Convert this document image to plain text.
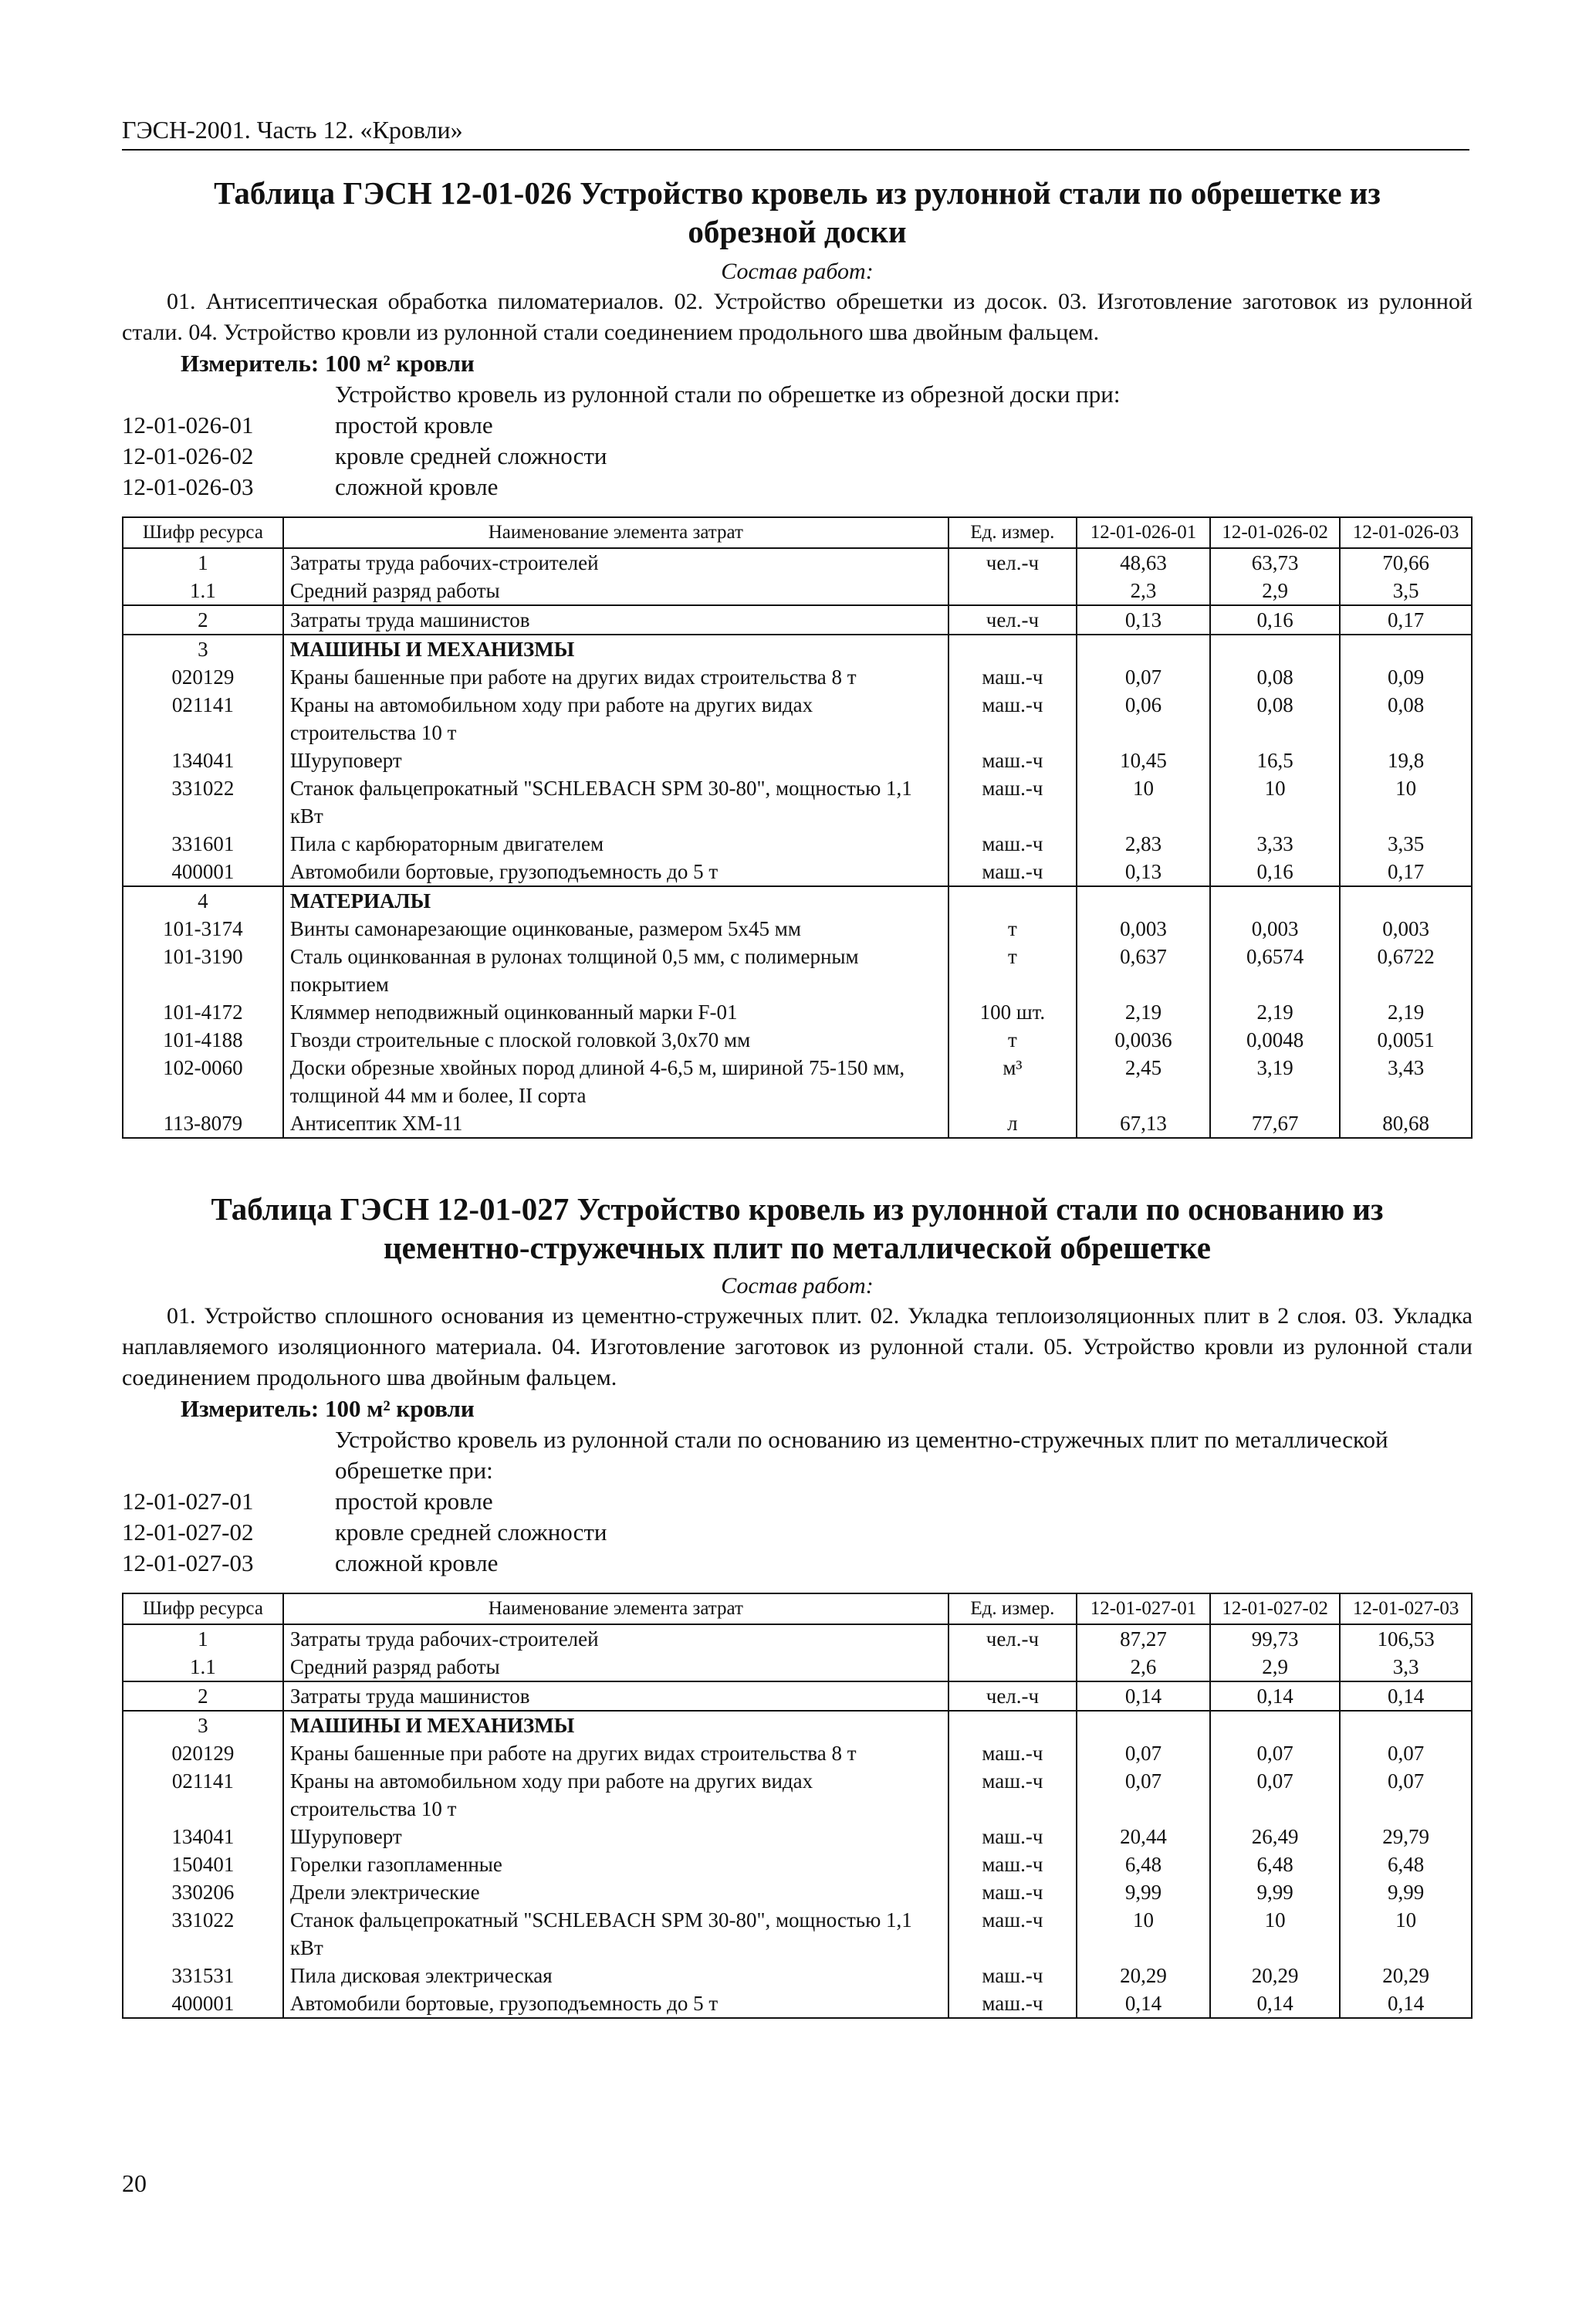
ГЭСН-2001. Часть 12. «Кровли»
Таблица ГЭСН 12-01-026 Устройство кровель из рулонной стали по обрешетке из
обрезной доски
Состав работ:

01. Антисептическая обработка пиломатериалов. 02. Устройство обрешетки из досок. 03. Изготовление заготовок из рулонной стали. 04. Устройство кровли из рулонной стали соединением продольного шва двойным фальцем.

Измеритель: 100 м² кровли
Устройство кровель из рулонной стали по обрешетке из обрезной доски при:
12-01-026-01	простой кровле
12-01-026-02	кровле средней сложности
12-01-026-03	сложной кровле
Шифр ресурса	Наименование элемента затрат	Ед. измер.	12-01-026-01	12-01-026-02	12-01-026-03
1	Затраты труда рабочих-строителей	чел.-ч	48,63	63,73	70,66
1.1	Средний разряд работы		2,3	2,9	3,5
2	Затраты труда машинистов	чел.-ч	0,13	0,16	0,17
3	МАШИНЫ И МЕХАНИЗМЫ				
020129	Краны башенные при работе на других видах строительства 8 т	маш.-ч	0,07	0,08	0,09
021141	Краны на автомобильном ходу при работе на других видах строительства 10 т	маш.-ч	0,06	0,08	0,08
134041	Шуруповерт	маш.-ч	10,45	16,5	19,8
331022	Станок фальцепрокатный "SCHLEBACH SPM 30-80", мощностью 1,1 кВт	маш.-ч	10	10	10
331601	Пила с карбюраторным двигателем	маш.-ч	2,83	3,33	3,35
400001	Автомобили бортовые, грузоподъемность до 5 т	маш.-ч	0,13	0,16	0,17
4	МАТЕРИАЛЫ				
101-3174	Винты самонарезающие оцинкованые, размером 5х45 мм	т	0,003	0,003	0,003
101-3190	Сталь оцинкованная в рулонах толщиной 0,5 мм, с полимерным покрытием	т	0,637	0,6574	0,6722
101-4172	Кляммер неподвижный оцинкованный марки F-01	100 шт.	2,19	2,19	2,19
101-4188	Гвозди строительные с плоской головкой 3,0х70 мм	т	0,0036	0,0048	0,0051
102-0060	Доски обрезные хвойных пород длиной 4-6,5 м, шириной 75-150 мм, толщиной 44 мм и более, II сорта	м³	2,45	3,19	3,43
113-8079	Антисептик ХМ-11	л	67,13	77,67	80,68
Таблица ГЭСН 12-01-027 Устройство кровель из рулонной стали по основанию из
цементно-стружечных плит по металлической обрешетке
Состав работ:

01. Устройство сплошного основания из цементно-стружечных плит. 02. Укладка теплоизоляционных плит в 2 слоя. 03. Укладка наплавляемого изоляционного материала. 04. Изготовление заготовок из рулонной стали. 05. Устройство кровли из рулонной стали соединением продольного шва двойным фальцем.

Измеритель: 100 м² кровли
Устройство кровель из рулонной стали по основанию из цементно-стружечных плит по металлической обрешетке при:
12-01-027-01	простой кровле
12-01-027-02	кровле средней сложности
12-01-027-03	сложной кровле
Шифр ресурса	Наименование элемента затрат	Ед. измер.	12-01-027-01	12-01-027-02	12-01-027-03
1	Затраты труда рабочих-строителей	чел.-ч	87,27	99,73	106,53
1.1	Средний разряд работы		2,6	2,9	3,3
2	Затраты труда машинистов	чел.-ч	0,14	0,14	0,14
3	МАШИНЫ И МЕХАНИЗМЫ				
020129	Краны башенные при работе на других видах строительства 8 т	маш.-ч	0,07	0,07	0,07
021141	Краны на автомобильном ходу при работе на других видах строительства 10 т	маш.-ч	0,07	0,07	0,07
134041	Шуруповерт	маш.-ч	20,44	26,49	29,79
150401	Горелки газопламенные	маш.-ч	6,48	6,48	6,48
330206	Дрели электрические	маш.-ч	9,99	9,99	9,99
331022	Станок фальцепрокатный "SCHLEBACH SPM 30-80", мощностью 1,1 кВт	маш.-ч	10	10	10
331531	Пила дисковая электрическая	маш.-ч	20,29	20,29	20,29
400001	Автомобили бортовые, грузоподъемность до 5 т	маш.-ч	0,14	0,14	0,14
20
